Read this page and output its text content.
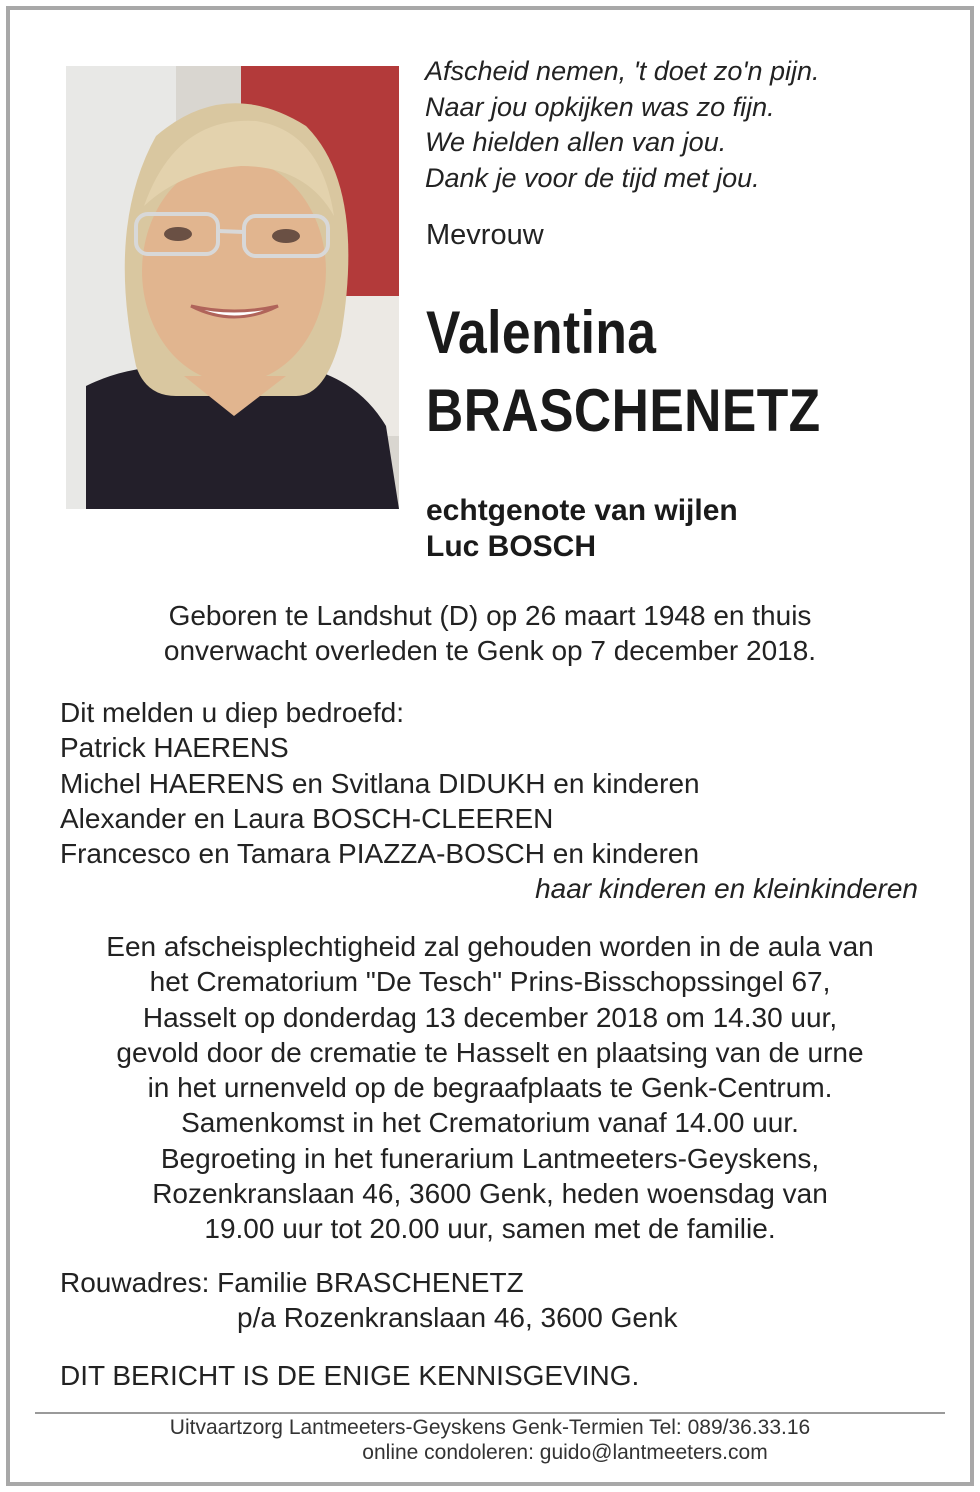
Afscheid nemen, 't doet zo'n pijn.
Naar jou opkijken was zo fijn.
We hielden allen van jou.
Dank je voor de tijd met jou.
Mevrouw
Valentina
BRASCHENETZ
echtgenote van wijlen
Luc BOSCH
Geboren te Landshut (D) op 26 maart 1948 en thuis
onverwacht overleden te Genk op 7 december 2018.
Dit melden u diep bedroefd:
Patrick HAERENS
Michel HAERENS en Svitlana DIDUKH en kinderen
Alexander en Laura BOSCH-CLEEREN
Francesco en Tamara PIAZZA-BOSCH en kinderen
haar kinderen en kleinkinderen
Een afscheisplechtigheid zal gehouden worden in de aula van
het Crematorium "De Tesch" Prins-Bisschopssingel 67,
Hasselt op donderdag 13 december 2018 om 14.30 uur,
gevold door de crematie te Hasselt en plaatsing van de urne
in het urnenveld op de begraafplaats te Genk-Centrum.
Samenkomst in het Crematorium vanaf 14.00 uur.
Begroeting in het funerarium Lantmeeters-Geyskens,
Rozenkranslaan 46, 3600 Genk, heden woensdag van
19.00 uur tot 20.00 uur, samen met de familie.
Rouwadres: Familie BRASCHENETZ
p/a Rozenkranslaan 46, 3600 Genk
DIT BERICHT IS DE ENIGE KENNISGEVING.
Uitvaartzorg Lantmeeters-Geyskens Genk-Termien Tel: 089/36.33.16
online condoleren: guido@lantmeeters.com
